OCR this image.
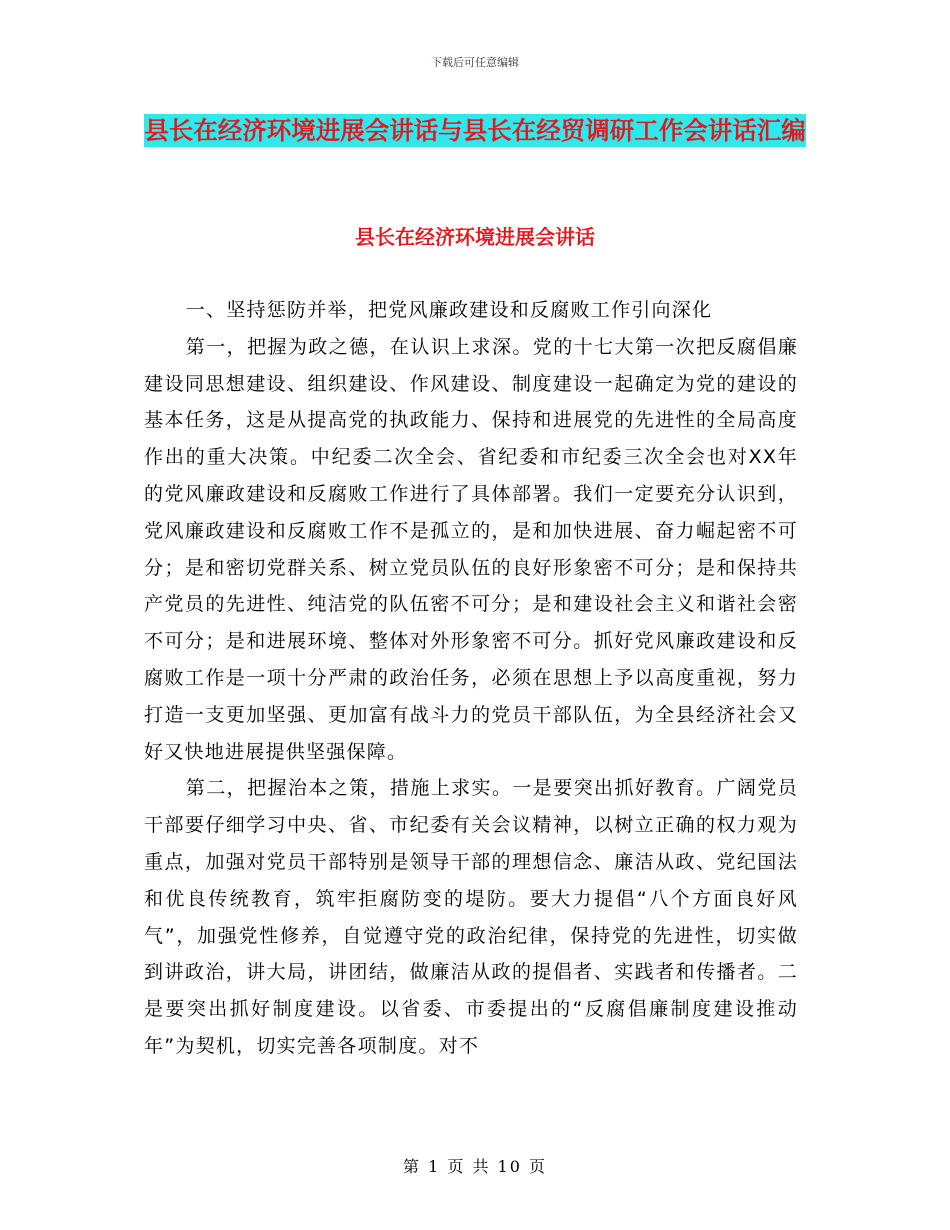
下载后可任意编辑
县长在经济环境进展会讲话与县长在经贸调研工作会讲话汇编
县长在经济环境进展会讲话

一、坚持惩防并举，把党风廉政建设和反腐败工作引向深化

第一，把握为政之德，在认识上求深。党的十七大第一次把反腐倡廉建设同思想建设、组织建设、作风建设、制度建设一起确定为党的建设的基本任务，这是从提高党的执政能力、保持和进展党的先进性的全局高度作出的重大决策。中纪委二次全会、省纪委和市纪委三次全会也对XX年的党风廉政建设和反腐败工作进行了具体部署。我们一定要充分认识到，党风廉政建设和反腐败工作不是孤立的，是和加快进展、奋力崛起密不可分；是和密切党群关系、树立党员队伍的良好形象密不可分；是和保持共产党员的先进性、纯洁党的队伍密不可分；是和建设社会主义和谐社会密不可分；是和进展环境、整体对外形象密不可分。抓好党风廉政建设和反腐败工作是一项十分严肃的政治任务，必须在思想上予以高度重视，努力打造一支更加坚强、更加富有战斗力的党员干部队伍，为全县经济社会又好又快地进展提供坚强保障。

第二，把握治本之策，措施上求实。一是要突出抓好教育。广阔党员干部要仔细学习中央、省、市纪委有关会议精神，以树立正确的权力观为重点，加强对党员干部特别是领导干部的理想信念、廉洁从政、党纪国法和优良传统教育，筑牢拒腐防变的堤防。要大力提倡“八个方面良好风气”，加强党性修养，自觉遵守党的政治纪律，保持党的先进性，切实做到讲政治，讲大局，讲团结，做廉洁从政的提倡者、实践者和传播者。二是要突出抓好制度建设。以省委、市委提出的“反腐倡廉制度建设推动年”为契机，切实完善各项制度。对不

第 1 页 共 10 页
